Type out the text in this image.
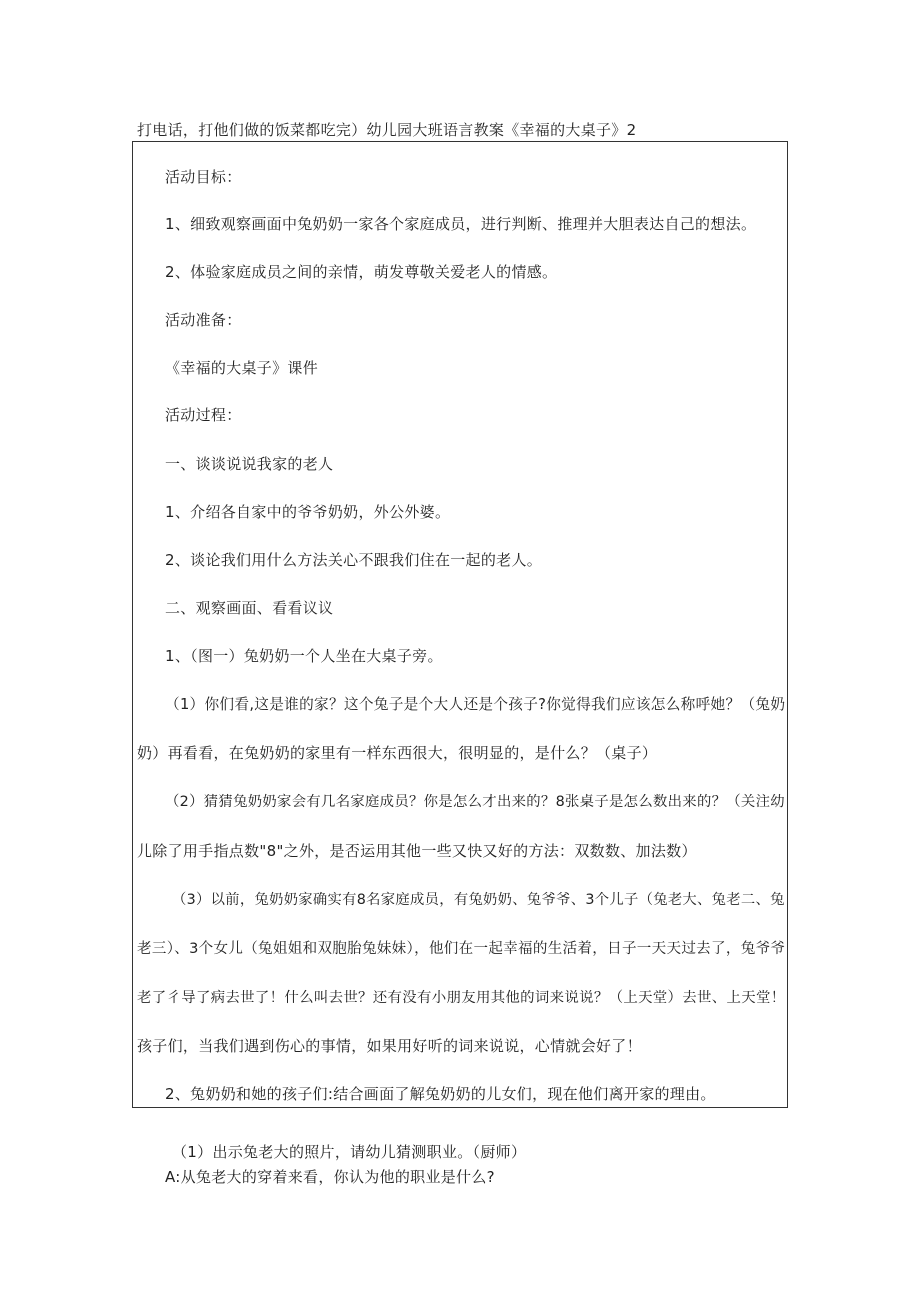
打电话，打他们做的饭菜都吃完）幼儿园大班语言教案《幸福的大桌子》2
活动目标：
1、细致观察画面中兔奶奶一家各个家庭成员，进行判断、推理并大胆表达自己的想法。
2、体验家庭成员之间的亲情，萌发尊敬关爱老人的情感。
活动准备：
《幸福的大桌子》课件
活动过程：
一、谈谈说说我家的老人
1、介绍各自家中的爷爷奶奶，外公外婆。
2、谈论我们用什么方法关心不跟我们住在一起的老人。
二、观察画面、看看议议
1、（图一）兔奶奶一个人坐在大桌子旁。
（1）你们看,这是谁的家？这个兔子是个大人还是个孩子?你觉得我们应该怎么称呼她？（兔奶
奶）再看看，在兔奶奶的家里有一样东西很大，很明显的，是什么？（桌子）
（2）猜猜兔奶奶家会有几名家庭成员？你是怎么才出来的？8张桌子是怎么数出来的？（关注幼
儿除了用手指点数"8"之外，是否运用其他一些又快又好的方法：双数数、加法数）
（3）以前，兔奶奶家确实有8名家庭成员，有兔奶奶、兔爷爷、3个儿子（兔老大、兔老二、兔
老三）、3个女儿（兔姐姐和双胞胎兔妹妹），他们在一起幸福的生活着，日子一天天过去了，兔爷爷
老了彳导了病去世了！什么叫去世？还有没有小朋友用其他的词来说说？（上天堂）去世、上天堂！
孩子们，当我们遇到伤心的事情，如果用好听的词来说说，心情就会好了！
2、兔奶奶和她的孩子们:结合画面了解兔奶奶的儿女们，现在他们离开家的理由。
（1）出示兔老大的照片，请幼儿猜测职业。（厨师）
A:从兔老大的穿着来看，你认为他的职业是什么?
